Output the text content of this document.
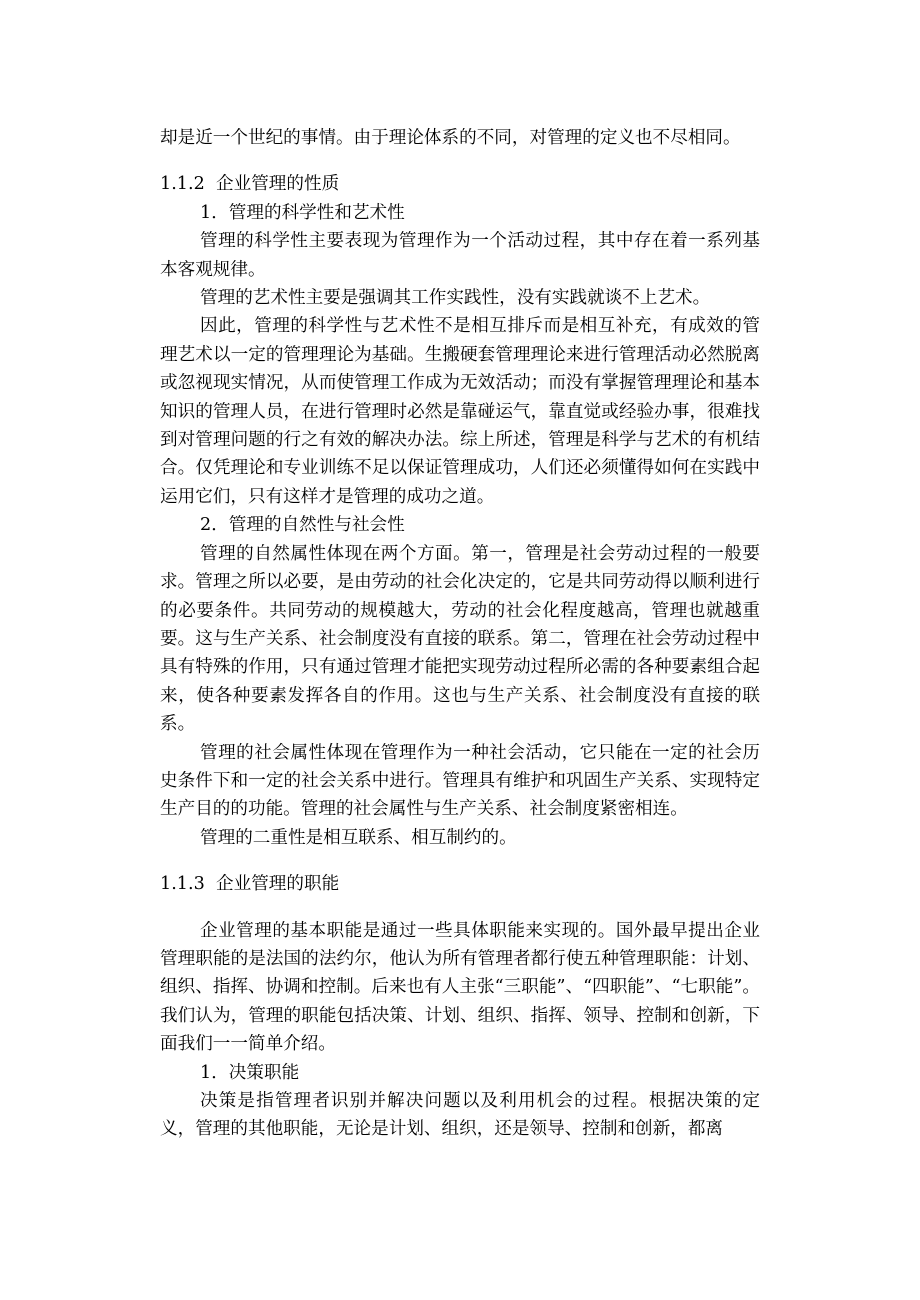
却是近一个世纪的事情。由于理论体系的不同，对管理的定义也不尽相同。

1.1.2 企业管理的性质

1．管理的科学性和艺术性

管理的科学性主要表现为管理作为一个活动过程，其中存在着一系列基本客观规律。

管理的艺术性主要是强调其工作实践性，没有实践就谈不上艺术。

因此，管理的科学性与艺术性不是相互排斥而是相互补充，有成效的管理艺术以一定的管理理论为基础。生搬硬套管理理论来进行管理活动必然脱离或忽视现实情况，从而使管理工作成为无效活动；而没有掌握管理理论和基本知识的管理人员，在进行管理时必然是靠碰运气，靠直觉或经验办事，很难找到对管理问题的行之有效的解决办法。综上所述，管理是科学与艺术的有机结合。仅凭理论和专业训练不足以保证管理成功，人们还必须懂得如何在实践中运用它们，只有这样才是管理的成功之道。

2．管理的自然性与社会性

管理的自然属性体现在两个方面。第一，管理是社会劳动过程的一般要求。管理之所以必要，是由劳动的社会化决定的，它是共同劳动得以顺利进行的必要条件。共同劳动的规模越大，劳动的社会化程度越高，管理也就越重要。这与生产关系、社会制度没有直接的联系。第二，管理在社会劳动过程中具有特殊的作用，只有通过管理才能把实现劳动过程所必需的各种要素组合起来，使各种要素发挥各自的作用。这也与生产关系、社会制度没有直接的联系。

管理的社会属性体现在管理作为一种社会活动，它只能在一定的社会历史条件下和一定的社会关系中进行。管理具有维护和巩固生产关系、实现特定生产目的的功能。管理的社会属性与生产关系、社会制度紧密相连。

管理的二重性是相互联系、相互制约的。

1.1.3 企业管理的职能

企业管理的基本职能是通过一些具体职能来实现的。国外最早提出企业管理职能的是法国的法约尔，他认为所有管理者都行使五种管理职能：计划、组织、指挥、协调和控制。后来也有人主张“三职能”、“四职能”、“七职能”。我们认为，管理的职能包括决策、计划、组织、指挥、领导、控制和创新，下面我们一一简单介绍。

1．决策职能

决策是指管理者识别并解决问题以及利用机会的过程。根据决策的定义，管理的其他职能，无论是计划、组织，还是领导、控制和创新，都离
